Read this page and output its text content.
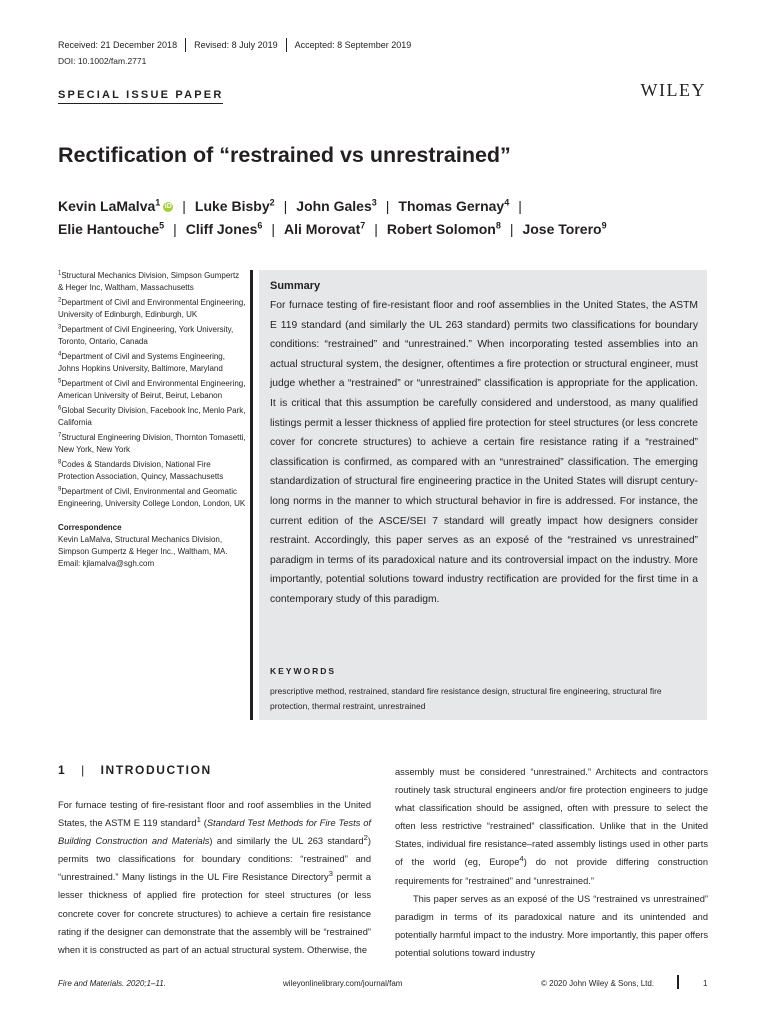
Received: 21 December 2018	Revised: 8 July 2019	Accepted: 8 September 2019
DOI: 10.1002/fam.2771
WILEY
SPECIAL ISSUE PAPER
Rectification of “restrained vs unrestrained”
Kevin LaMalva$^1$ iD | Luke Bisby$^2$ | John Gales$^3$ | Thomas Gernay$^4$ |
Elie Hantouche$^5$ | Cliff Jones$^6$ | Ali Morovat$^7$ | Robert Solomon$^8$ | Jose Torero$^9$
$^1$Structural Mechanics Division, Simpson Gumpertz & Heger Inc, Waltham, Massachusetts
$^2$Department of Civil and Environmental Engineering, University of Edinburgh, Edinburgh, UK
$^3$Department of Civil Engineering, York University, Toronto, Ontario, Canada
$^4$Department of Civil and Systems Engineering, Johns Hopkins University, Baltimore, Maryland
$^5$Department of Civil and Environmental Engineering, American University of Beirut, Beirut, Lebanon
$^6$Global Security Division, Facebook Inc, Menlo Park, California
$^7$Structural Engineering Division, Thornton Tomasetti, New York, New York
$^8$Codes & Standards Division, National Fire Protection Association, Quincy, Massachusetts
$^9$Department of Civil, Environmental and Geomatic Engineering, University College London, London, UK
Correspondence
Kevin LaMalva, Structural Mechanics Division, Simpson Gumpertz & Heger Inc., Waltham, MA.
Email: kjlamalva@sgh.com
Summary
For furnace testing of fire-resistant floor and roof assemblies in the United States, the ASTM E 119 standard (and similarly the UL 263 standard) permits two classifications for boundary conditions: “restrained” and “unrestrained.” When incorporating tested assemblies into an actual structural system, the designer, oftentimes a fire protection or structural engineer, must judge whether a “restrained” or “unrestrained” classification is appropriate for the application. It is critical that this assumption be carefully considered and understood, as many qualified listings permit a lesser thickness of applied fire protection for steel structures (or less concrete cover for concrete structures) to achieve a certain fire resistance rating if a “restrained” classification is confirmed, as compared with an “unrestrained” classification. The emerging standardization of structural fire engineering practice in the United States will disrupt century-long norms in the manner to which structural behavior in fire is addressed. For instance, the current edition of the ASCE/SEI 7 standard will greatly impact how designers consider restraint. Accordingly, this paper serves as an exposé of the “restrained vs unrestrained” paradigm in terms of its paradoxical nature and its controversial impact on the industry. More importantly, potential solutions toward industry rectification are provided for the first time in a contemporary study of this paradigm.
KEYWORDS
prescriptive method, restrained, standard fire resistance design, structural fire engineering, structural fire protection, thermal restraint, unrestrained
1 | INTRODUCTION
For furnace testing of fire-resistant floor and roof assemblies in the United States, the ASTM E 119 standard$^1$ (Standard Test Methods for Fire Tests of Building Construction and Materials) and similarly the UL 263 standard$^2$) permits two classifications for boundary conditions: “restrained” and “unrestrained.” Many listings in the UL Fire Resistance Directory$^3$ permit a lesser thickness of applied fire protection for steel structures (or less concrete cover for concrete structures) to achieve a certain fire resistance rating if the designer can demonstrate that the assembly will be “restrained” when it is constructed as part of an actual structural system. Otherwise, the

assembly must be considered “unrestrained.” Architects and contractors routinely task structural engineers and/or fire protection engineers to judge what classification should be assigned, often with pressure to select the often less restrictive “restrained” classification. Unlike that in the United States, individual fire resistance–rated assembly listings used in other parts of the world (eg, Europe$^4$) do not provide differing construction requirements for “restrained” and “unrestrained.”

This paper serves as an exposé of the US “restrained vs unrestrained” paradigm in terms of its paradoxical nature and its unintended and potentially harmful impact to the industry. More importantly, this paper offers potential solutions toward industry

Fire and Materials. 2020;1–11.	wileyonlinelibrary.com/journal/fam	© 2020 John Wiley & Sons, Ltd.	1
